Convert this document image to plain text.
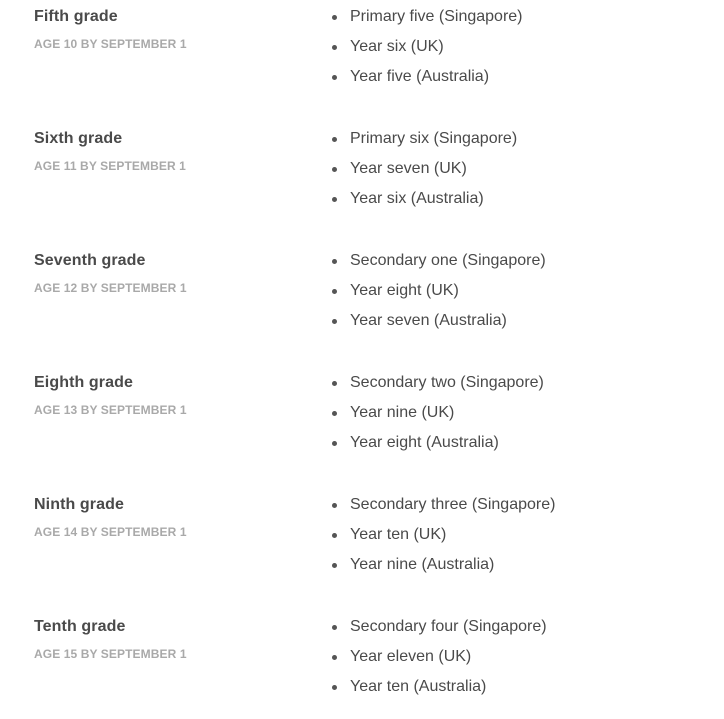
Fifth grade
AGE 10 BY SEPTEMBER 1
Primary five (Singapore)
Year six (UK)
Year five (Australia)
Sixth grade
AGE 11 BY SEPTEMBER 1
Primary six (Singapore)
Year seven (UK)
Year six (Australia)
Seventh grade
AGE 12 BY SEPTEMBER 1
Secondary one (Singapore)
Year eight (UK)
Year seven (Australia)
Eighth grade
AGE 13 BY SEPTEMBER 1
Secondary two (Singapore)
Year nine (UK)
Year eight (Australia)
Ninth grade
AGE 14 BY SEPTEMBER 1
Secondary three (Singapore)
Year ten (UK)
Year nine (Australia)
Tenth grade
AGE 15 BY SEPTEMBER 1
Secondary four (Singapore)
Year eleven (UK)
Year ten (Australia)
